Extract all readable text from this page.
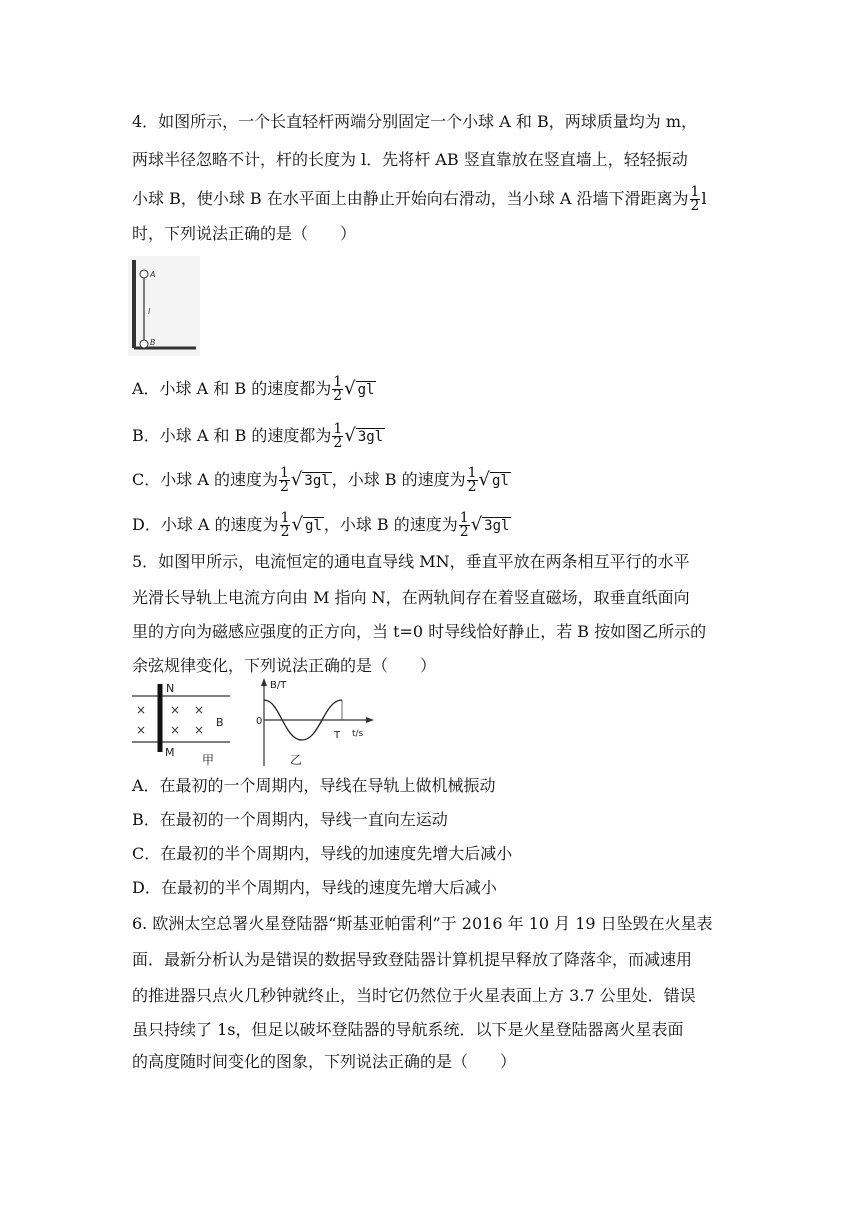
4．如图所示，一个长直轻杆两端分别固定一个小球 A 和 B，两球质量均为 m，
两球半径忽略不计，杆的长度为 l．先将杆 AB 竖直靠放在竖直墙上，轻轻振动
小球 B，使小球 B 在水平面上由静止开始向右滑动，当小球 A 沿墙下滑距离为 $\frac{1}{2}$ l
时，下列说法正确的是（　　）
A
l
B
A．小球 A 和 B 的速度都为 $\frac{1}{2}$ √ gl
B．小球 A 和 B 的速度都为 $\frac{1}{2}$ √ 3gl
C．小球 A 的速度为 $\frac{1}{2}$ √ 3gl ，小球 B 的速度为 $\frac{1}{2}$ √ gl
D．小球 A 的速度为 $\frac{1}{2}$ √ gl ，小球 B 的速度为 $\frac{1}{2}$ √ 3gl
5．如图甲所示，电流恒定的通电直导线 MN，垂直平放在两条相互平行的水平
光滑长导轨上电流方向由 M 指向 N，在两轨间存在着竖直磁场，取垂直纸面向
里的方向为磁感应强度的正方向，当 t=0 时导线恰好静止，若 B 按如图乙所示的
余弦规律变化，下列说法正确的是（　　）
N
M
B
× × ×
× × ×
甲
B/T
0
T t/s
乙
A．在最初的一个周期内，导线在导轨上做机械振动
B．在最初的一个周期内，导线一直向左运动
C．在最初的半个周期内，导线的加速度先增大后减小
D．在最初的半个周期内，导线的速度先增大后减小
6. 欧洲太空总署火星登陆器“斯基亚帕雷利”于 2016 年 10 月 19 日坠毁在火星表
面．最新分析认为是错误的数据导致登陆器计算机提早释放了降落伞，而减速用
的推进器只点火几秒钟就终止，当时它仍然位于火星表面上方 3.7 公里处．错误
虽只持续了 1s，但足以破坏登陆器的导航系统．以下是火星登陆器离火星表面
的高度随时间变化的图象，下列说法正确的是（　　）
